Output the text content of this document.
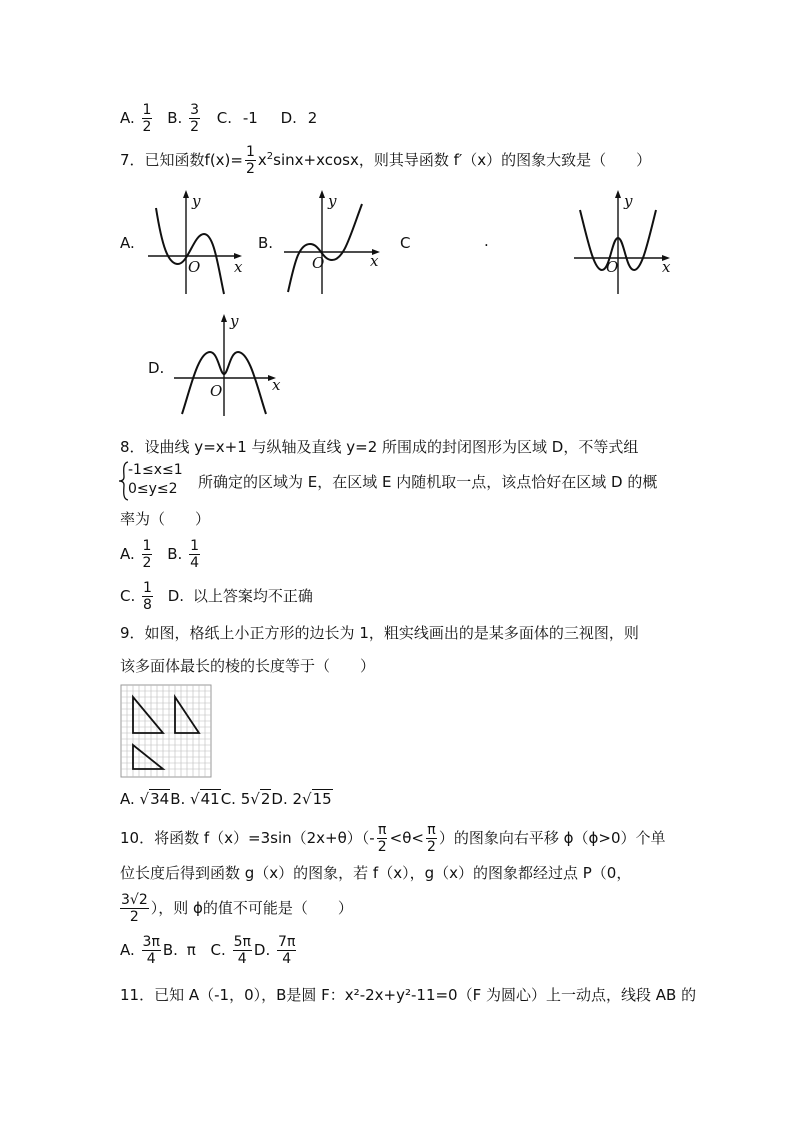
A. $\frac{1}{2} B$. $\frac{3}{2} C$. -1 D. 2
7．已知函数$f(x)= \frac{1}{2} x^2\sin x+xcosx$，则其导函数 f′（x）的图象大致是（　　）
A.	B.	C	.
D.
y
x
O
y
x
O
y
x
O
y
x
O
8．设曲线 y=x+1 与纵轴及直线 y=2 所围成的封闭图形为区域 D，不等式组
-1≤x≤1
0≤y≤2 所确定的区域为 E，在区域 E 内随机取一点，该点恰好在区域 D 的概
率为（　　）
A. $\frac{1}{2} B$. $\frac{1}{4}$
C. $\frac{1}{8} D$. 以上答案均不正确
9．如图，格纸上小正方形的边长为 1，粗实线画出的是某多面体的三视图，则
该多面体最长的棱的长度等于（　　）
A. √34B. √41C. 5√2D. 2√15
10．将函数 $f(x)=3\sin(2x+\theta)(- \frac{\pi}{2} <\theta< \frac{\pi}{2}$ ）的图象向右平移 ϕ（ϕ>0）个单
位长度后得到函数 g（x）的图象，若 f（x），g（x）的图象都经过点 P（0，
$\frac{3√2}{2}$ ），则 ϕ的值不可能是（　　）
A. $\frac{3\pi}{4} B$. π C. $\frac{5\pi}{4} D$. $\frac{7\pi}{4}$
11．已知 A（-1，0），B是圆 F：x²-2x+y²-11=0（F 为圆心）上一动点，线段 AB 的
